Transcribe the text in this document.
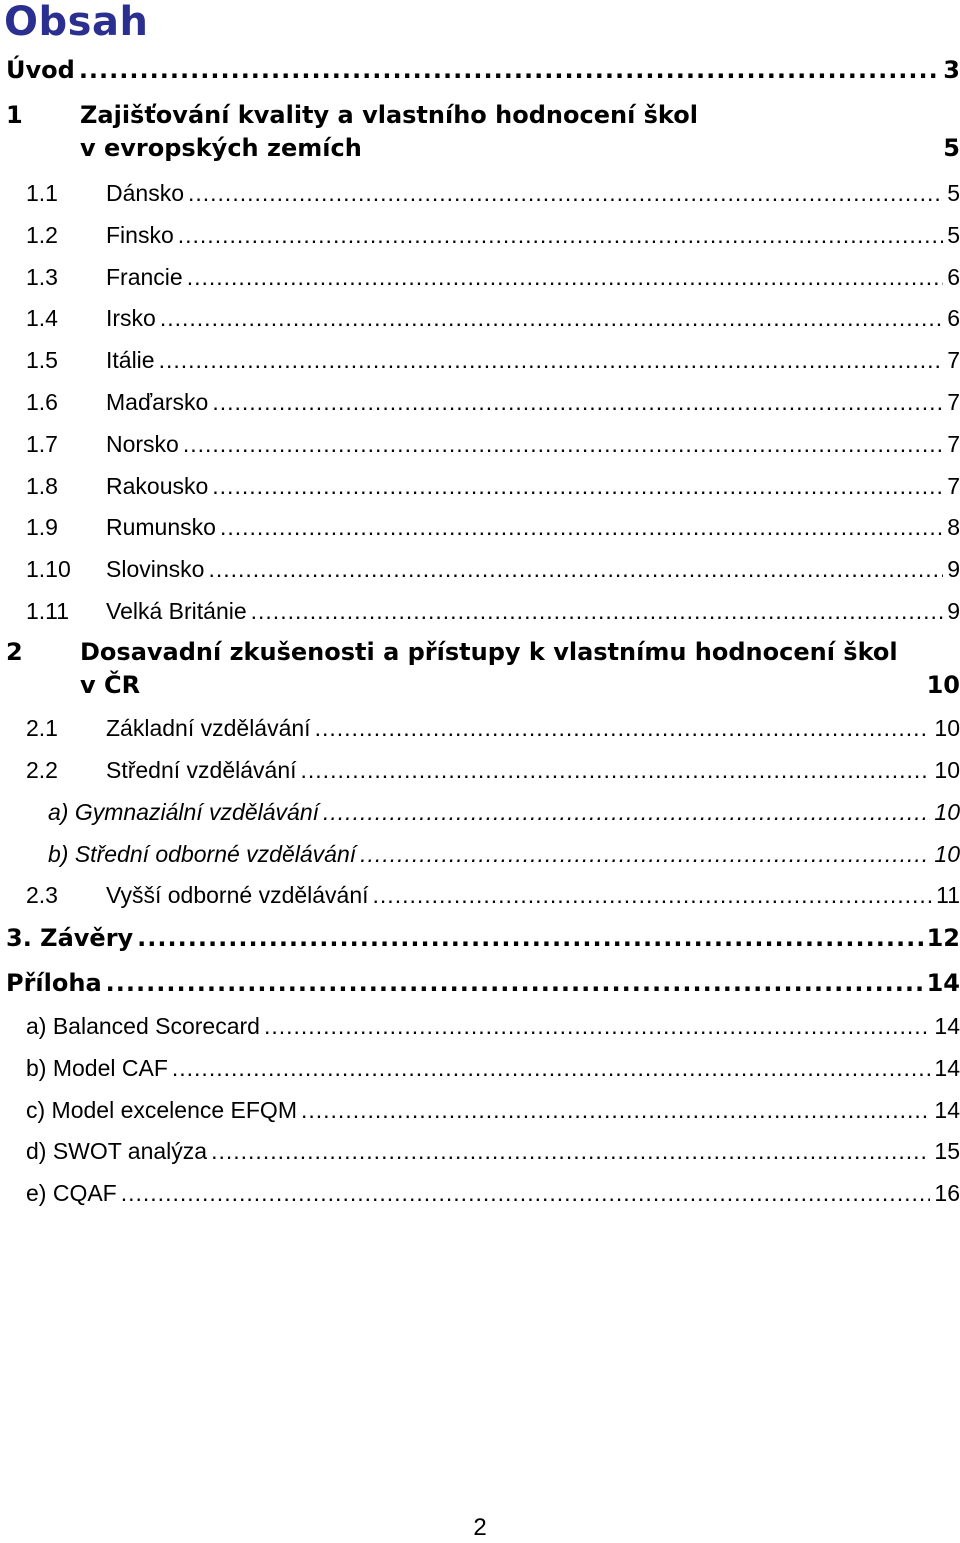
Obsah
Úvod .....	3
1 Zajišťování kvality a vlastního hodnocení škol
v evropských zemích	5
1.1	Dánsko .....	5
1.2	Finsko .....	5
1.3	Francie .....	6
1.4	Irsko .....	6
1.5	Itálie .....	7
1.6	Maďarsko .....	7
1.7	Norsko .....	7
1.8	Rakousko .....	7
1.9	Rumunsko .....	8
1.10	Slovinsko .....	9
1.11	Velká Británie .....	9
2 Dosavadní zkušenosti a přístupy k vlastnímu hodnocení škol
v ČR	10
2.1	Základní vzdělávání .....	10
2.2	Střední vzdělávání .....	10
a) Gymnaziální vzdělávání .....	10
b) Střední odborné vzdělávání .....	10
2.3	Vyšší odborné vzdělávání .....	11
3. Závěry .....	12
Příloha .....	14
a) Balanced Scorecard .....	14
b) Model CAF .....	14
c) Model excelence EFQM .....	14
d) SWOT analýza .....	15
e) CQAF .....	16
2
